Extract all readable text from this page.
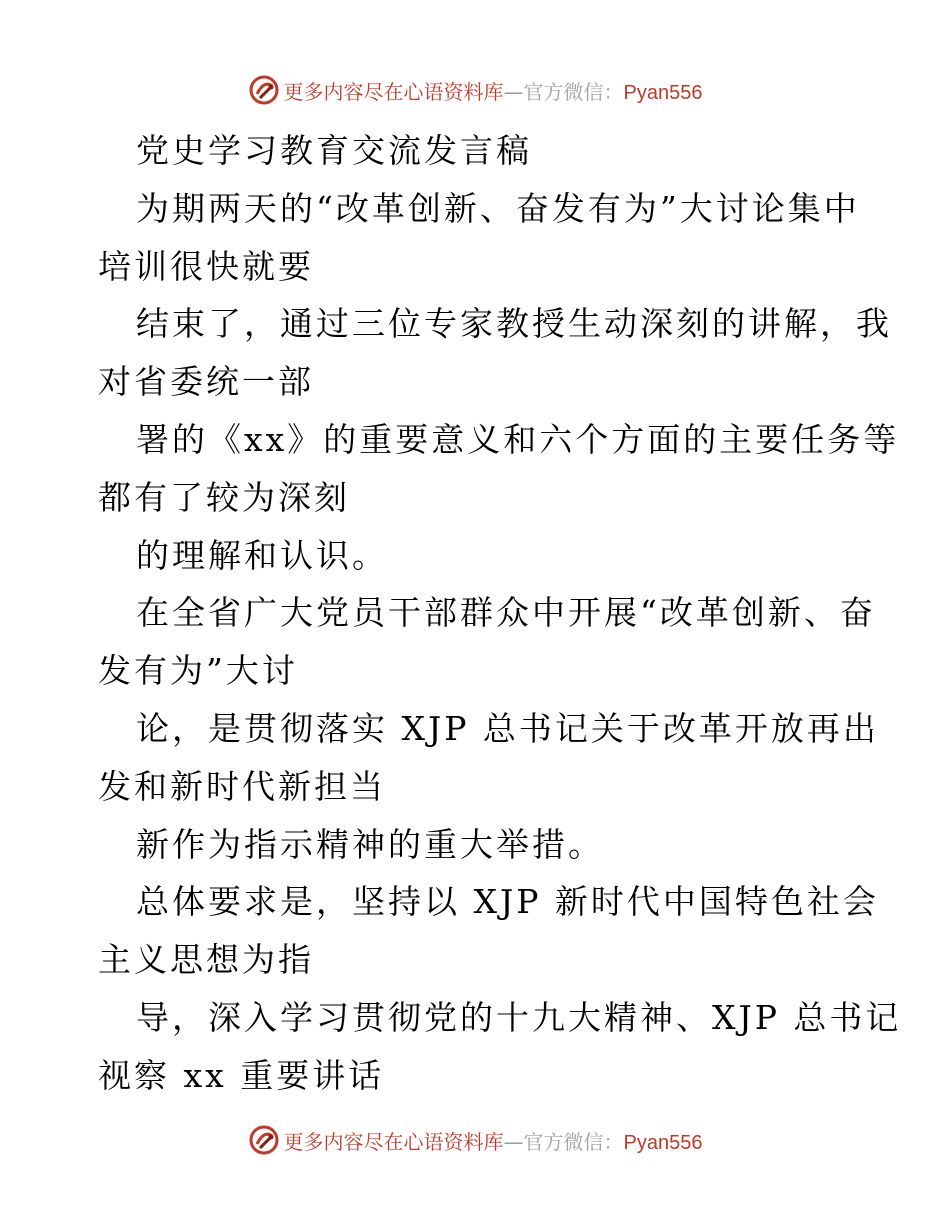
更多内容尽在心语资料库—官方微信：Pyan556
党史学习教育交流发言稿
为期两天的“改革创新、奋发有为”大讨论集中
培训很快就要
结束了，通过三位专家教授生动深刻的讲解，我
对省委统一部
署的《xx》的重要意义和六个方面的主要任务等
都有了较为深刻
的理解和认识。
在全省广大党员干部群众中开展“改革创新、奋
发有为”大讨
论，是贯彻落实 XJP 总书记关于改革开放再出
发和新时代新担当
新作为指示精神的重大举措。
总体要求是，坚持以 XJP 新时代中国特色社会
主义思想为指
导，深入学习贯彻党的十九大精神、XJP 总书记
视察 xx 重要讲话
更多内容尽在心语资料库—官方微信：Pyan556
